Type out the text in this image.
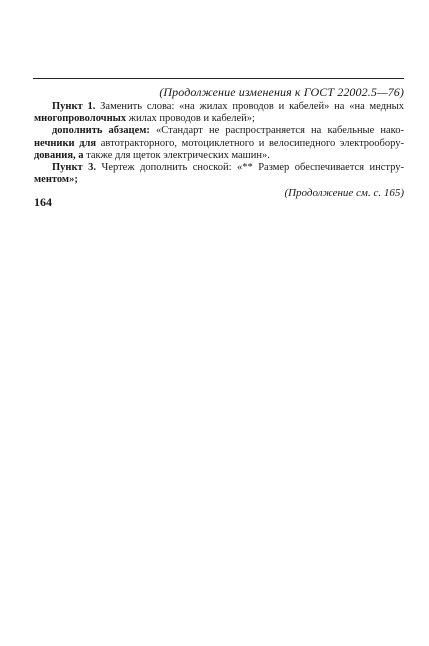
(Продолжение изменения к ГОСТ 22002.5—76)
Пункт 1. Заменить слова: «на жилах проводов и кабелей» на «на медных
многопроволочных жилах проводов и кабелей»;
дополнить абзацем: «Стандарт не распространяется на кабельные нако-
нечники для автотракторного, мотоциклетного и велосипедного электрообору-
дования, а также для щеток электрических машин».
Пункт 3. Чертеж дополнить сноской: «** Размер обеспечивается инстру-
ментом»;
(Продолжение см. с. 165)
164
